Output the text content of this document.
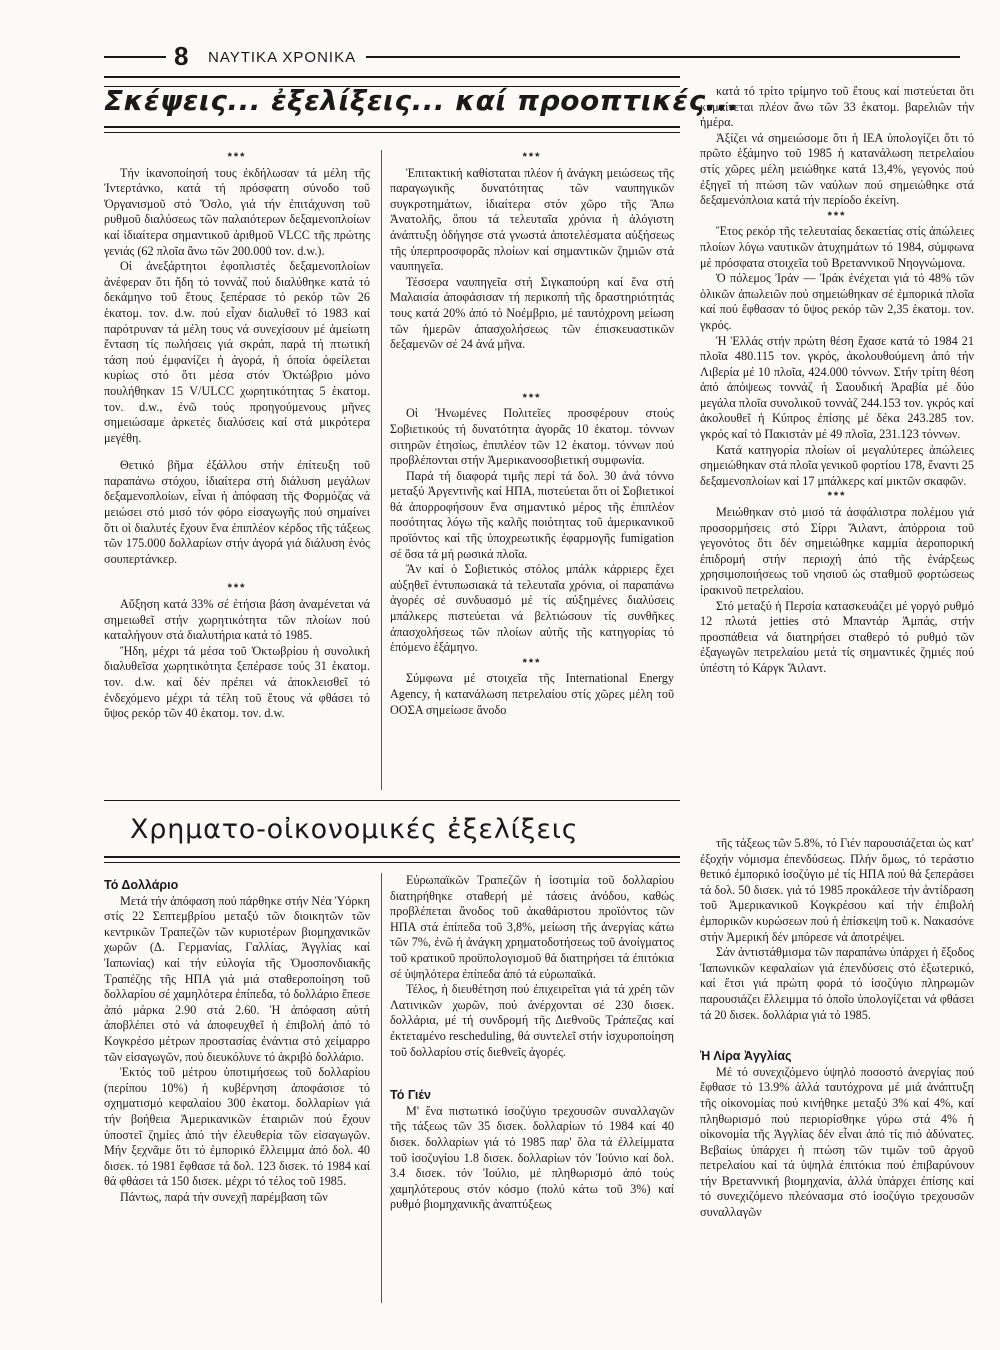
8 ΝΑΥΤΙΚΑ ΧΡΟΝΙΚΑ
Σκέψεις... ἐξελίξεις... καί προοπτικές...

***

Τήν ἱκανοποίησή τους ἐκδήλωσαν τά μέλη τῆς Ἰντερτάνκο, κατά τή πρόσφατη σύνοδο τοῦ Ὀργανισμοῦ στό Ὄσλο, γιά τήν ἐπιτάχυνση τοῦ ρυθμοῦ διαλύσεως τῶν παλαιότερων δεξαμενοπλοίων καί ἰδιαίτερα σημαντικοῦ ἀριθμοῦ VLCC τῆς πρώτης γενιάς (62 πλοῖα ἄνω τῶν 200.000 τον. d.w.).

Οἱ ἀνεξάρτητοι ἐφοπλιστές δεξαμενοπλοίων ἀνέφεραν ὅτι ἤδη τό τοννάζ πού διαλύθηκε κατά τό δεκάμηνο τοῦ ἔτους ξεπέρασε τό ρεκόρ τῶν 26 ἑκατομ. τον. d.w. πού εἶχαν διαλυθεῖ τό 1983 καί παρότρυναν τά μέλη τους νά συνεχίσουν μέ ἀμείωτη ἔνταση τίς πωλήσεις γιά σκράπ, παρά τή πτωτική τάση πού ἐμφανίζει ἡ ἀγορά, ἡ ὁποία ὀφείλεται κυρίως στό ὅτι μέσα στόν Ὀκτώβριο μόνο πουλήθηκαν 15 V/ULCC χωρητικότητας 5 ἑκατομ. τον. d.w., ἐνῶ τούς προηγούμενους μῆνες σημειώσαμε ἀρκετές διαλύσεις καί στά μικρότερα μεγέθη.

Θετικό βῆμα ἐξάλλου στήν ἐπίτευξη τοῦ παραπάνω στόχου, ἰδιαίτερα στή διάλυση μεγάλων δεξαμενοπλοίων, εἶναι ἡ ἀπόφαση τῆς Φορμόζας νά μειώσει στό μισό τόν φόρο εἰσαγωγῆς πού σημαίνει ὅτι οἱ διαλυτές ἔχουν ἕνα ἐπιπλέον κέρδος τῆς τάξεως τῶν 175.000 δολλαρίων στήν ἀγορά γιά διάλυση ἑνός σουπερτάνκερ.

***

Αὔξηση κατά 33% σέ ἐτήσια βάση ἀναμένεται νά σημειωθεῖ στήν χωρητικότητα τῶν πλοίων πού καταλήγουν στά διαλυτήρια κατά τό 1985.

Ἤδη, μέχρι τά μέσα τοῦ Ὀκτωβρίου ἡ συνολική διαλυθεῖσα χωρητικότητα ξεπέρασε τούς 31 ἑκατομ. τον. d.w. καί δέν πρέπει νά ἀποκλεισθεῖ τό ἐνδεχόμενο μέχρι τά τέλη τοῦ ἔτους νά φθάσει τό ὕψος ρεκόρ τῶν 40 ἑκατομ. τον. d.w.

***

Ἐπιτακτική καθίσταται πλέον ἡ ἀνάγκη μειώσεως τῆς παραγωγικῆς δυνατότητας τῶν ναυπηγικῶν συγκροτημάτων, ἰδιαίτερα στόν χῶρο τῆς Ἄπω Ἀνατολῆς, ὅπου τά τελευταῖα χρόνια ἡ ἀλόγιστη ἀνάπτυξη ὁδήγησε στά γνωστά ἀποτελέσματα αὐξήσεως τῆς ὑπερπροσφορᾶς πλοίων καί σημαντικῶν ζημιῶν στά ναυπηγεῖα.

Τέσσερα ναυπηγεῖα στή Σιγκαπούρη καί ἕνα στή Μαλαισία ἀποφάσισαν τή περικοπή τῆς δραστηριότητάς τους κατά 20% ἀπό τό Νοέμβριο, μέ ταυτόχρονη μείωση τῶν ἡμερῶν ἀπασχολήσεως τῶν ἐπισκευαστικῶν δεξαμενῶν σέ 24 ἀνά μῆνα.

***

Οἱ Ἡνωμένες Πολιτεῖες προσφέρουν στούς Σοβιετικούς τή δυνατότητα ἀγορᾶς 10 ἑκατομ. τόννων σιτηρῶν ἐτησίως, ἐπιπλέον τῶν 12 ἑκατομ. τόννων πού προβλέπονται στήν Ἀμερικανοσοβιετική συμφωνία.

Παρά τή διαφορά τιμῆς περί τά δολ. 30 ἀνά τόννο μεταξύ Ἀργεντινῆς καί ΗΠΑ, πιστεύεται ὅτι οἱ Σοβιετικοί θά ἀπορροφήσουν ἕνα σημαντικό μέρος τῆς ἐπιπλέον ποσότητας λόγω τῆς καλῆς ποιότητας τοῦ ἀμερικανικοῦ προϊόντος καί τῆς ὑποχρεωτικῆς ἐφαρμογῆς fumigation σέ ὅσα τά μή ρωσικά πλοῖα.

Ἄν καί ὁ Σοβιετικός στόλος μπάλκ κάρριερς ἔχει αὐξηθεῖ ἐντυπωσιακά τά τελευταῖα χρόνια, οἱ παραπάνω ἀγορές σέ συνδυασμό μέ τίς αὐξημένες διαλύσεις μπάλκερς πιστεύεται νά βελτιώσουν τίς συνθῆκες ἀπασχολήσεως τῶν πλοίων αὐτῆς τῆς κατηγορίας τό ἑπόμενο ἑξάμηνο.

***

Σύμφωνα μέ στοιχεῖα τῆς International Energy Agency, ἡ κατανάλωση πετρελαίου στίς χῶρες μέλη τοῦ ΟΟΣΑ σημείωσε ἄνοδο

κατά τό τρίτο τρίμηνο τοῦ ἔτους καί πιστεύεται ὅτι κυμαίνεται πλέον ἄνω τῶν 33 ἑκατομ. βαρελιῶν τήν ἡμέρα.

Ἀξίζει νά σημειώσομε ὅτι ἡ ΙΕΑ ὑπολογίζει ὅτι τό πρῶτο ἑξάμηνο τοῦ 1985 ἡ κατανάλωση πετρελαίου στίς χῶρες μέλη μειώθηκε κατά 13,4%, γεγονός πού ἐξηγεῖ τή πτώση τῶν ναύλων πού σημειώθηκε στά δεξαμενόπλοια κατά τήν περίοδο ἐκείνη.

***

Ἔτος ρεκόρ τῆς τελευταίας δεκαετίας στίς ἀπώλειες πλοίων λόγω ναυτικῶν ἀτυχημάτων τό 1984, σύμφωνα μέ πρόσφατα στοιχεῖα τοῦ Βρεταννικοῦ Νηογνώμονα.

Ὁ πόλεμος Ἰράν — Ἰράκ ἐνέχεται γιά τό 48% τῶν ὁλικῶν ἀπωλειῶν πού σημειώθηκαν σέ ἐμπορικά πλοῖα καί πού ἔφθασαν τό ὕψος ρεκόρ τῶν 2,35 ἑκατομ. τον. γκρός.

Ἡ Ἑλλάς στήν πρώτη θέση ἔχασε κατά τό 1984 21 πλοῖα 480.115 τον. γκρός, ἀκολουθούμενη ἀπό τήν Λιβερία μέ 10 πλοῖα, 424.000 τόννων. Στήν τρίτη θέση ἀπό ἀπόψεως τοννάζ ἡ Σαουδική Ἀραβία μέ δύο μεγάλα πλοῖα συνολικοῦ τοννάζ 244.153 τον. γκρός καί ἀκολουθεῖ ἡ Κύπρος ἐπίσης μέ δέκα 243.285 τον. γκρός καί τό Πακιστάν μέ 49 πλοῖα, 231.123 τόννων.

Κατά κατηγορία πλοίων οἱ μεγαλύτερες ἀπώλειες σημειώθηκαν στά πλοῖα γενικοῦ φορτίου 178, ἔναντι 25 δεξαμενοπλοίων καί 17 μπάλκερς καί μικτῶν σκαφῶν.

***

Μειώθηκαν στό μισό τά ἀσφάλιστρα πολέμου γιά προσορμήσεις στό Σίρρι Ἄιλαντ, ἀπόρροια τοῦ γεγονότος ὅτι δέν σημειώθηκε καμμία ἀεροπορική ἐπιδρομή στήν περιοχή ἀπό τῆς ἐνάρξεως χρησιμοποιήσεως τοῦ νησιοῦ ὡς σταθμοῦ φορτώσεως ἰρακινοῦ πετρελαίου.

Στό μεταξύ ἡ Περσία κατασκευάζει μέ γοργό ρυθμό 12 πλωτά jetties στό Μπαντάρ Ἀμπάς, στήν προσπάθεια νά διατηρήσει σταθερό τό ρυθμό τῶν ἐξαγωγῶν πετρελαίου μετά τίς σημαντικές ζημιές πού ὑπέστη τό Κάργκ Ἄιλαντ.

Χρηματο-οἰκονομικές ἐξελίξεις

Τό Δολλάριο

Μετά τήν ἀπόφαση πού πάρθηκε στήν Νέα Ὑόρκη στίς 22 Σεπτεμβρίου μεταξύ τῶν διοικητῶν τῶν κεντρικῶν Τραπεζῶν τῶν κυριοτέρων βιομηχανικῶν χωρῶν (Δ. Γερμανίας, Γαλλίας, Ἀγγλίας καί Ἰαπωνίας) καί τήν εὐλογία τῆς Ὁμοσπονδιακῆς Τραπέζης τῆς ΗΠΑ γιά μιά σταθεροποίηση τοῦ δολλαρίου σέ χαμηλότερα ἐπίπεδα, τό δολλάριο ἔπεσε ἀπό μάρκα 2.90 στά 2.60. Ἡ ἀπόφαση αὐτή ἀποβλέπει στό νά ἀποφευχθεῖ ἡ ἐπιβολή ἀπό τό Κογκρέσο μέτρων προστασίας ἐνάντια στό χείμαρρο τῶν εἰσαγωγῶν, πού διευκόλυνε τό ἀκριβό δολλάριο.

Ἐκτός τοῦ μέτρου ὑποτιμήσεως τοῦ δολλαρίου (περίπου 10%) ἡ κυβέρνηση ἀποφάσισε τό σχηματισμό κεφαλαίου 300 ἑκατομ. δολλαρίων γιά τήν βοήθεια Ἀμερικανικῶν ἑταιριῶν πού ἔχουν ὑποστεῖ ζημίες ἀπό τήν ἐλευθερία τῶν εἰσαγωγῶν. Μήν ξεχνᾶμε ὅτι τό ἐμπορικό ἔλλειμμα ἀπό δολ. 40 δισεκ. τό 1981 ἔφθασε τά δολ. 123 δισεκ. τό 1984 καί θά φθάσει τά 150 δισεκ. μέχρι τό τέλος τοῦ 1985.

Πάντως, παρά τήν συνεχῆ παρέμβαση τῶν

Εὐρωπαϊκῶν Τραπεζῶν ἡ ἰσοτιμία τοῦ δολλαρίου διατηρήθηκε σταθερή μέ τάσεις ἀνόδου, καθώς προβλέπεται ἄνοδος τοῦ ἀκαθάριστου προϊόντος τῶν ΗΠΑ στά ἐπίπεδα τοῦ 3,8%, μείωση τῆς ἀνεργίας κάτω τῶν 7%, ἐνῶ ἡ ἀνάγκη χρηματοδοτήσεως τοῦ ἀνοίγματος τοῦ κρατικοῦ προϋπολογισμοῦ θά διατηρήσει τά ἐπιτόκια σέ ὑψηλότερα ἐπίπεδα ἀπό τά εὐρωπαϊκά.

Τέλος, ἡ διευθέτηση πού ἐπιχειρεῖται γιά τά χρέη τῶν Λατινικῶν χωρῶν, πού ἀνέρχονται σέ 230 δισεκ. δολλάρια, μέ τή συνδρομή τῆς Διεθνοῦς Τράπεζας καί ἐκτεταμένο rescheduling, θά συντελεῖ στήν ἰσχυροποίηση τοῦ δολλαρίου στίς διεθνεῖς ἀγορές.

Τό Γιέν

Μ' ἕνα πιστωτικό ἰσοζύγιο τρεχουσῶν συναλλαγῶν τῆς τάξεως τῶν 35 δισεκ. δολλαρίων τό 1984 καί 40 δισεκ. δολλαρίων γιά τό 1985 παρ' ὅλα τά ἐλλείμματα τοῦ ἰσοζυγίου 1.8 δισεκ. δολλαρίων τόν Ἰούνιο καί δολ. 3.4 δισεκ. τόν Ἰούλιο, μέ πληθωρισμό ἀπό τούς χαμηλότερους στόν κόσμο (πολύ κάτω τοῦ 3%) καί ρυθμό βιομηχανικῆς ἀναπτύξεως

τῆς τάξεως τῶν 5.8%, τό Γιέν παρουσιάζεται ὡς κατ' ἐξοχήν νόμισμα ἐπενδύσεως. Πλήν ὅμως, τό τεράστιο θετικό ἐμπορικό ἰσοζύγιο μέ τίς ΗΠΑ πού θά ξεπεράσει τά δολ. 50 δισεκ. γιά τό 1985 προκάλεσε τήν ἀντίδραση τοῦ Ἀμερικανικοῦ Κογκρέσου καί τήν ἐπιβολή ἐμπορικῶν κυρώσεων πού ἡ ἐπίσκεψη τοῦ κ. Νακασόνε στήν Ἀμερική δέν μπόρεσε νά ἀποτρέψει.

Σάν ἀντιστάθμισμα τῶν παραπάνω ὑπάρχει ἡ ἔξοδος Ἰαπωνικῶν κεφαλαίων γιά ἐπενδύσεις στό ἐξωτερικό, καί ἔτσι γιά πρώτη φορά τό ἰσοζύγιο πληρωμῶν παρουσιάζει ἔλλειμμα τό ὁποῖο ὑπολογίζεται νά φθάσει τά 20 δισεκ. δολλάρια γιά τό 1985.

Ἡ Λίρα Ἀγγλίας

Μέ τό συνεχιζόμενο ὑψηλό ποσοστό ἀνεργίας πού ἔφθασε τό 13.9% ἀλλά ταυτόχρονα μέ μιά ἀνάπτυξη τῆς οἰκονομίας πού κινήθηκε μεταξύ 3% καί 4%, καί πληθωρισμό πού περιορίσθηκε γύρω στά 4% ἡ οἰκονομία τῆς Ἀγγλίας δέν εἶναι ἀπό τίς πιό ἀδύνατες. Βεβαίως ὑπάρχει ἡ πτώση τῶν τιμῶν τοῦ ἀργοῦ πετρελαίου καί τά ὑψηλά ἐπιτόκια πού ἐπιβαρύνουν τήν Βρεταννική βιομηχανία, ἀλλά ὑπάρχει ἐπίσης καί τό συνεχιζόμενο πλεόνασμα στό ἰσοζύγιο τρεχουσῶν συναλλαγῶν
